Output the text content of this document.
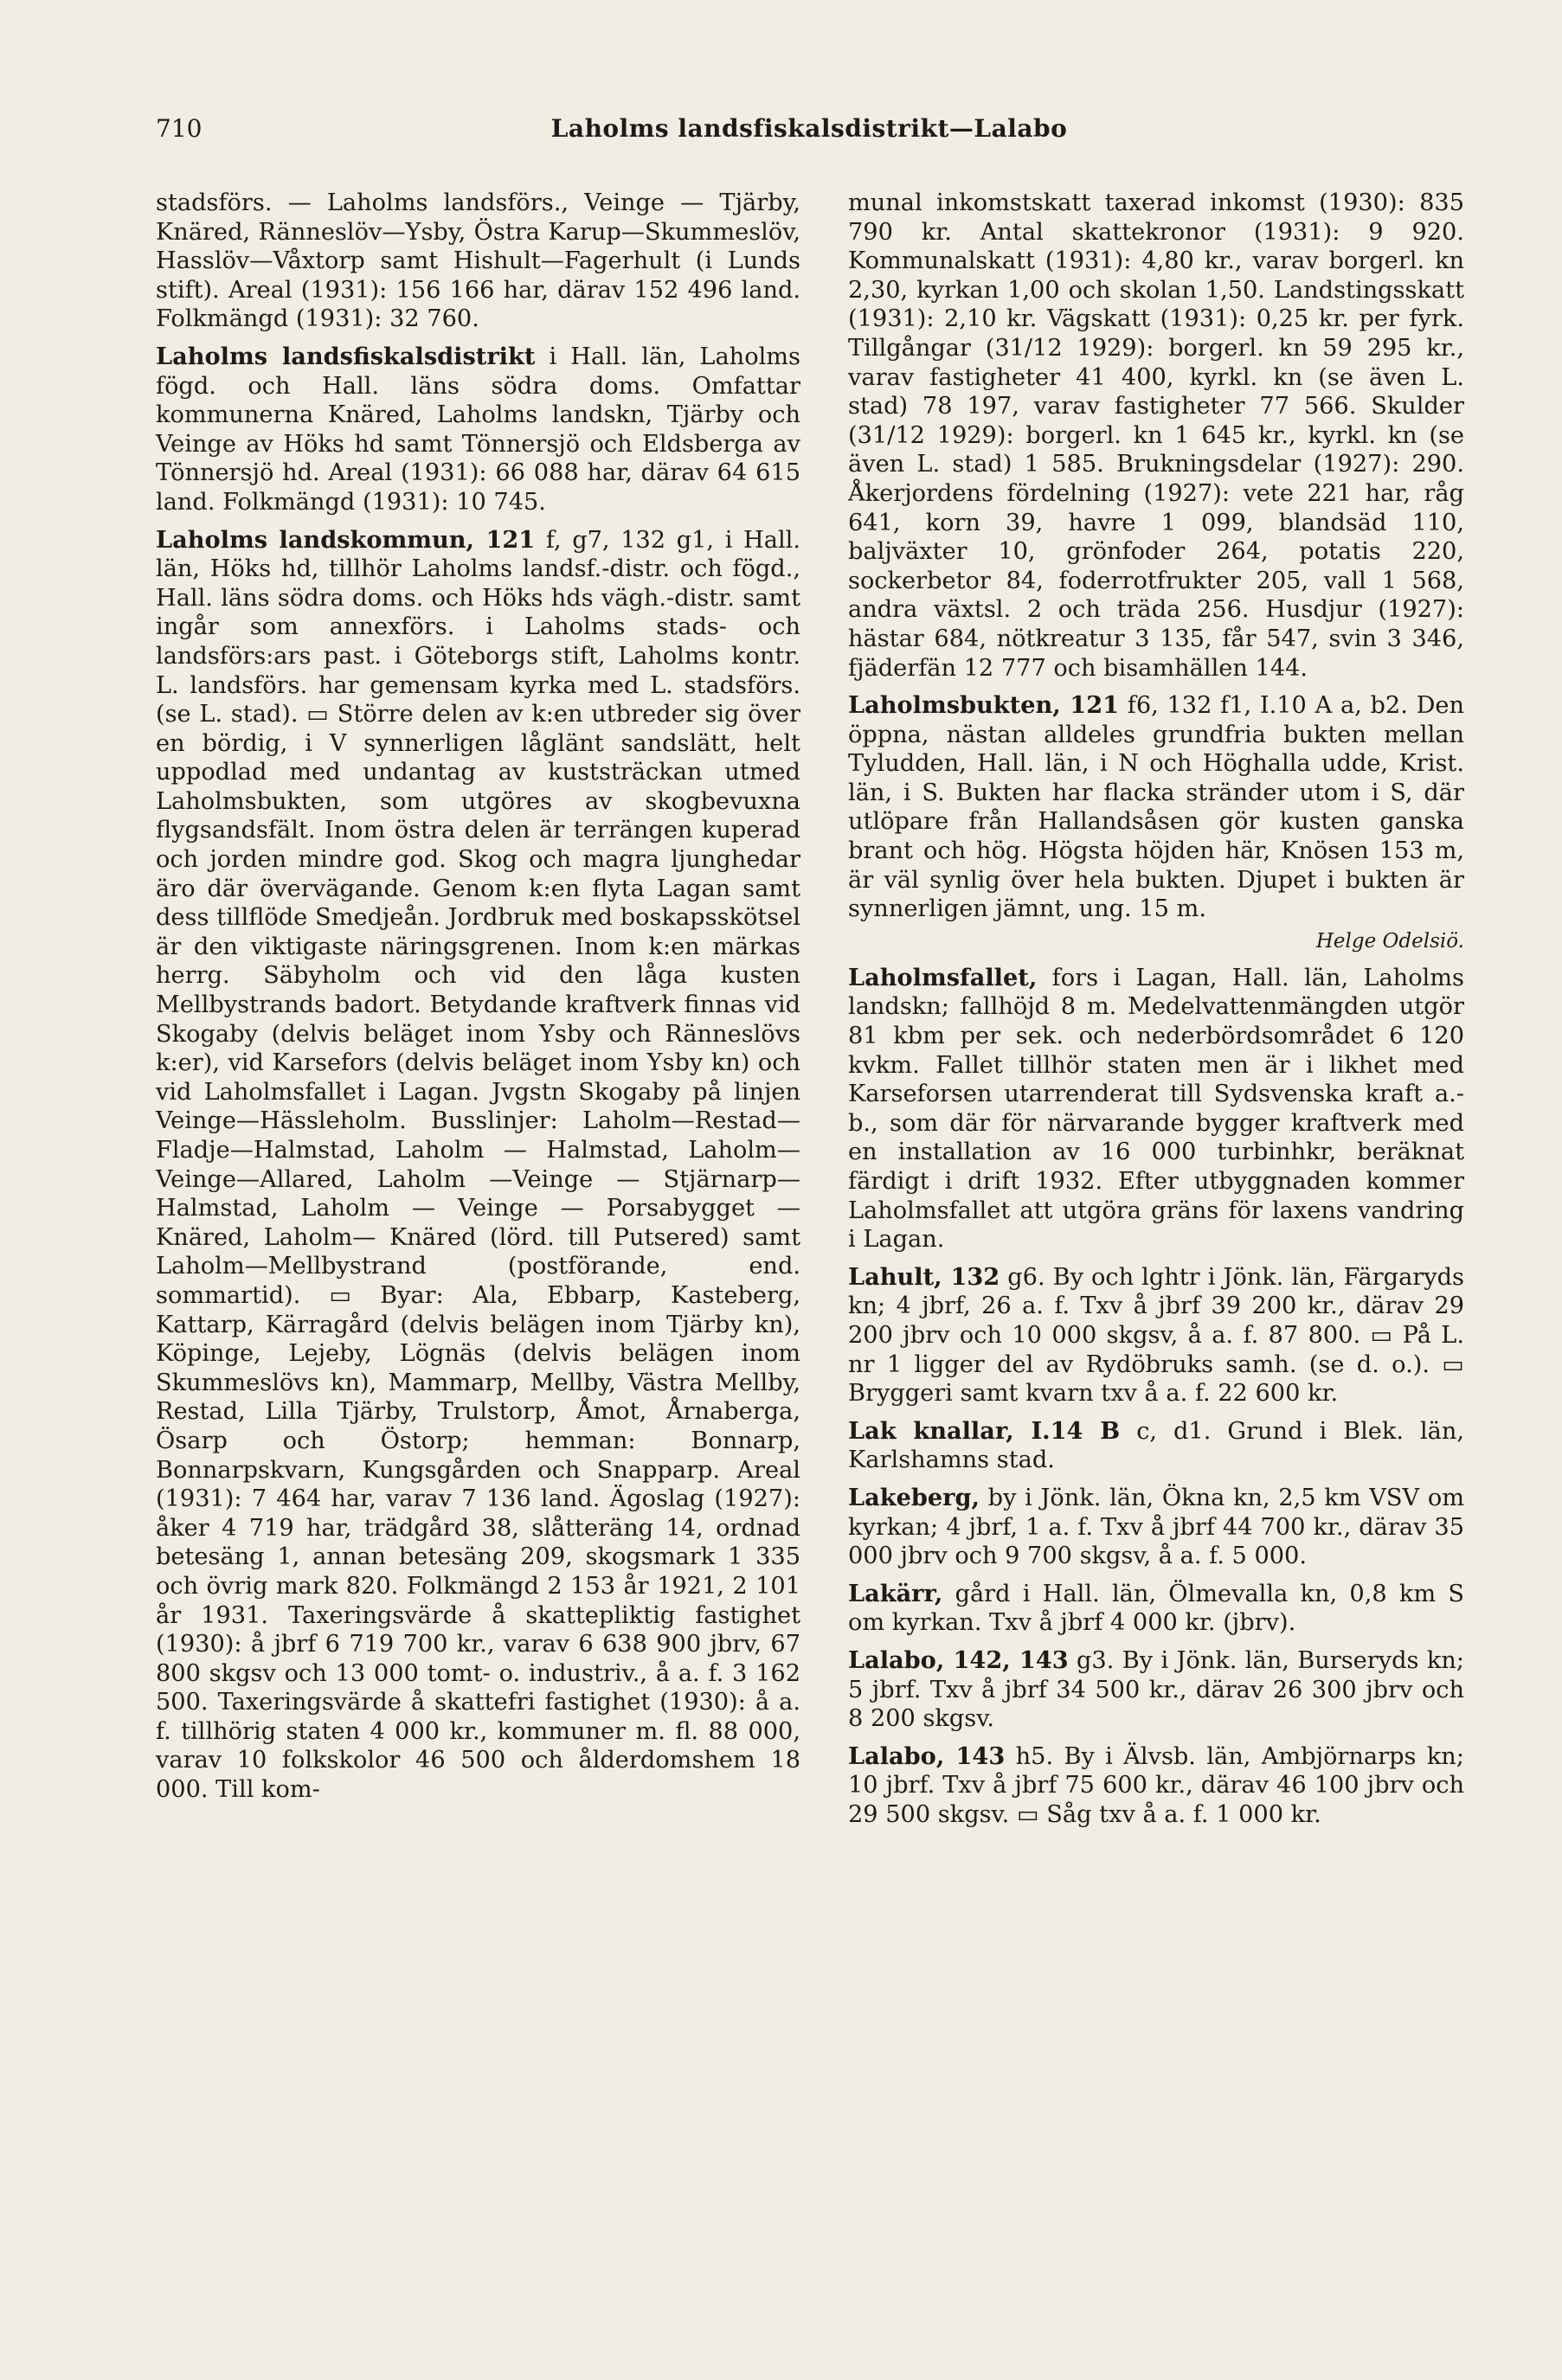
710	Laholms landsfiskalsdistrikt—Lalabo

stadsförs. — Laholms landsförs., Veinge — Tjärby, Knäred, Ränneslöv—Ysby, Östra Karup—Skummeslöv, Hasslöv—Våxtorp samt Hishult—Fagerhult (i Lunds stift). Areal (1931): 156 166 har, därav 152 496 land. Folkmängd (1931): 32 760.

Laholms landsfiskalsdistrikt i Hall. län, Laholms fögd. och Hall. läns södra doms. Omfattar kommunerna Knäred, Laholms landskn, Tjärby och Veinge av Höks hd samt Tönnersjö och Eldsberga av Tönnersjö hd. Areal (1931): 66 088 har, därav 64 615 land. Folkmängd (1931): 10 745.

Laholms landskommun, 121 f, g7, 132 g1, i Hall. län, Höks hd, tillhör Laholms landsf.-distr. och fögd., Hall. läns södra doms. och Höks hds vägh.-distr. samt ingår som annexförs. i Laholms stads- och landsförs:ars past. i Göteborgs stift, Laholms kontr. L. landsförs. har gemensam kyrka med L. stadsförs. (se L. stad). ▭ Större delen av k:en utbreder sig över en bördig, i V synnerligen låglänt sandslätt, helt uppodlad med undantag av kuststräckan utmed Laholmsbukten, som utgöres av skogbevuxna flygsandsfält. Inom östra delen är terrängen kuperad och jorden mindre god. Skog och magra ljunghedar äro där övervägande. Genom k:en flyta Lagan samt dess tillflöde Smedjeån. Jordbruk med boskapsskötsel är den viktigaste näringsgrenen. Inom k:en märkas herrg. Säbyholm och vid den låga kusten Mellbystrands badort. Betydande kraftverk finnas vid Skogaby (delvis beläget inom Ysby och Ränneslövs k:er), vid Karsefors (delvis beläget inom Ysby kn) och vid Laholmsfallet i Lagan. Jvgstn Skogaby på linjen Veinge—Hässleholm. Busslinjer: Laholm—Restad—Fladje—Halmstad, Laholm — Halmstad, Laholm—Veinge—Allared, Laholm —Veinge — Stjärnarp—Halmstad, Laholm — Veinge — Porsabygget — Knäred, Laholm— Knäred (lörd. till Putsered) samt Laholm—Mellbystrand (postförande, end. sommartid). ▭ Byar: Ala, Ebbarp, Kasteberg, Kattarp, Kärragård (delvis belägen inom Tjärby kn), Köpinge, Lejeby, Lögnäs (delvis belägen inom Skummeslövs kn), Mammarp, Mellby, Västra Mellby, Restad, Lilla Tjärby, Trulstorp, Åmot, Årnaberga, Ösarp och Östorp; hemman: Bonnarp, Bonnarpskvarn, Kungsgården och Snapparp. Areal (1931): 7 464 har, varav 7 136 land. Ägoslag (1927): åker 4 719 har, trädgård 38, slåtteräng 14, ordnad betesäng 1, annan betesäng 209, skogsmark 1 335 och övrig mark 820. Folkmängd 2 153 år 1921, 2 101 år 1931. Taxeringsvärde å skattepliktig fastighet (1930): å jbrf 6 719 700 kr., varav 6 638 900 jbrv, 67 800 skgsv och 13 000 tomt- o. industriv., å a. f. 3 162 500. Taxeringsvärde å skattefri fastighet (1930): å a. f. tillhörig staten 4 000 kr., kommuner m. fl. 88 000, varav 10 folkskolor 46 500 och ålderdomshem 18 000. Till kom-

munal inkomstskatt taxerad inkomst (1930): 835 790 kr. Antal skattekronor (1931): 9 920. Kommunalskatt (1931): 4,80 kr., varav borgerl. kn 2,30, kyrkan 1,00 och skolan 1,50. Landstingsskatt (1931): 2,10 kr. Vägskatt (1931): 0,25 kr. per fyrk. Tillgångar (31/12 1929): borgerl. kn 59 295 kr., varav fastigheter 41 400, kyrkl. kn (se även L. stad) 78 197, varav fastigheter 77 566. Skulder (31/12 1929): borgerl. kn 1 645 kr., kyrkl. kn (se även L. stad) 1 585. Brukningsdelar (1927): 290. Åkerjordens fördelning (1927): vete 221 har, råg 641, korn 39, havre 1 099, blandsäd 110, baljväxter 10, grönfoder 264, potatis 220, sockerbetor 84, foderrotfrukter 205, vall 1 568, andra växtsl. 2 och träda 256. Husdjur (1927): hästar 684, nötkreatur 3 135, får 547, svin 3 346, fjäderfän 12 777 och bisamhällen 144.

Laholmsbukten, 121 f6, 132 f1, I.10 A a, b2. Den öppna, nästan alldeles grundfria bukten mellan Tyludden, Hall. län, i N och Höghalla udde, Krist. län, i S. Bukten har flacka stränder utom i S, där utlöpare från Hallandsåsen gör kusten ganska brant och hög. Högsta höjden här, Knösen 153 m, är väl synlig över hela bukten. Djupet i bukten är synnerligen jämnt, ung. 15 m.

Helge Odelsiö.

Laholmsfallet, fors i Lagan, Hall. län, Laholms landskn; fallhöjd 8 m. Medelvattenmängden utgör 81 kbm per sek. och nederbördsområdet 6 120 kvkm. Fallet tillhör staten men är i likhet med Karseforsen utarrenderat till Sydsvenska kraft a.-b., som där för närvarande bygger kraftverk med en installation av 16 000 turbinhkr, beräknat färdigt i drift 1932. Efter utbyggnaden kommer Laholmsfallet att utgöra gräns för laxens vandring i Lagan.

Lahult, 132 g6. By och lghtr i Jönk. län, Färgaryds kn; 4 jbrf, 26 a. f. Txv å jbrf 39 200 kr., därav 29 200 jbrv och 10 000 skgsv, å a. f. 87 800. ▭ På L. nr 1 ligger del av Rydöbruks samh. (se d. o.). ▭ Bryggeri samt kvarn txv å a. f. 22 600 kr.

Lak knallar, I.14 B c, d1. Grund i Blek. län, Karlshamns stad.

Lakeberg, by i Jönk. län, Ökna kn, 2,5 km VSV om kyrkan; 4 jbrf, 1 a. f. Txv å jbrf 44 700 kr., därav 35 000 jbrv och 9 700 skgsv, å a. f. 5 000.

Lakärr, gård i Hall. län, Ölmevalla kn, 0,8 km S om kyrkan. Txv å jbrf 4 000 kr. (jbrv).

Lalabo, 142, 143 g3. By i Jönk. län, Burseryds kn; 5 jbrf. Txv å jbrf 34 500 kr., därav 26 300 jbrv och 8 200 skgsv.

Lalabo, 143 h5. By i Älvsb. län, Ambjörnarps kn; 10 jbrf. Txv å jbrf 75 600 kr., därav 46 100 jbrv och 29 500 skgsv. ▭ Såg txv å a. f. 1 000 kr.
